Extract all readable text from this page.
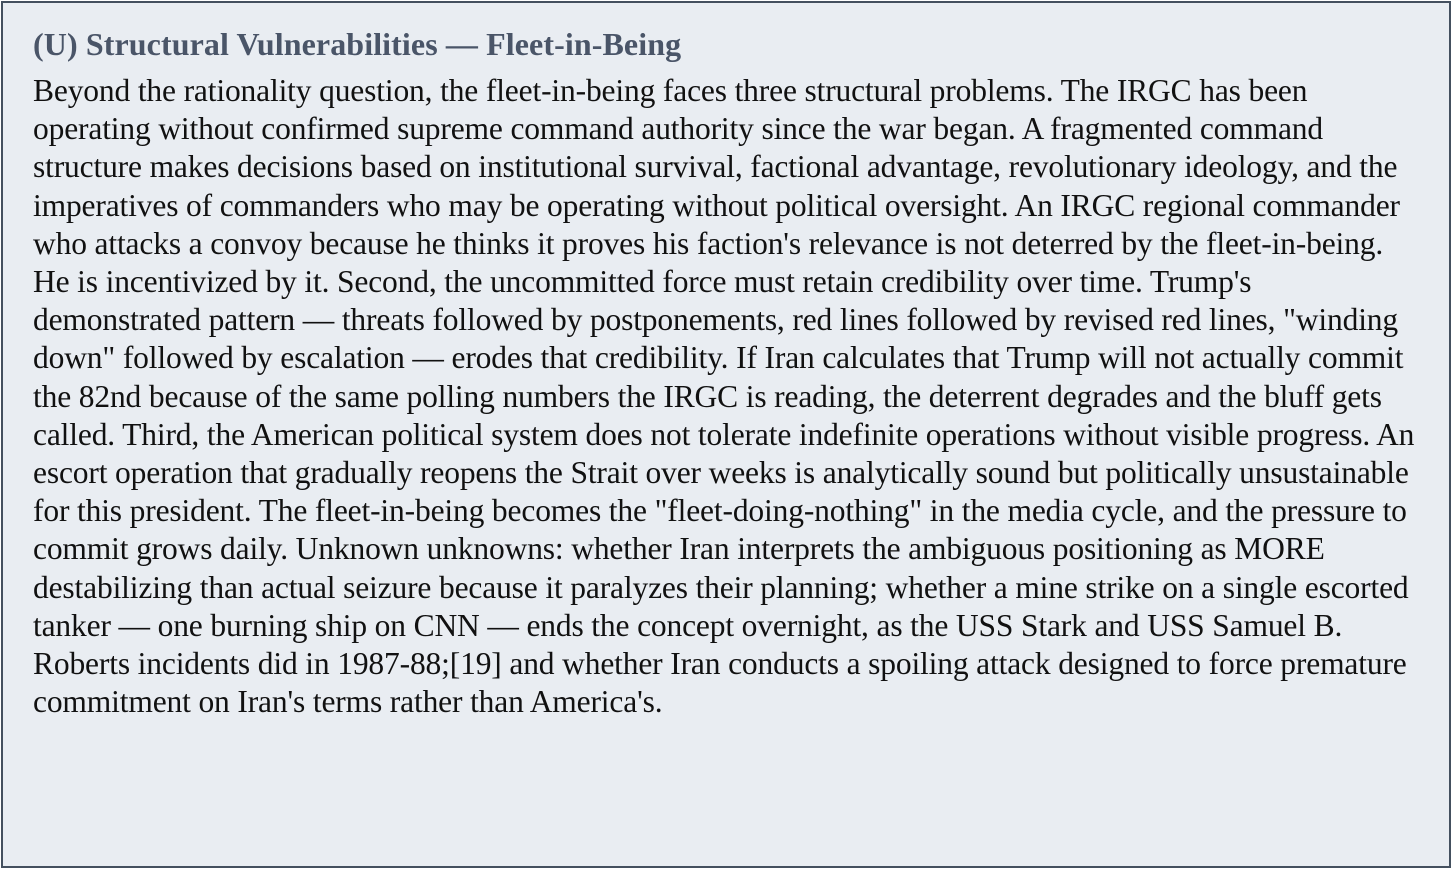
(U) Structural Vulnerabilities — Fleet-in-Being

Beyond the rationality question, the fleet-in-being faces three structural problems. The IRGC has been operating without confirmed supreme command authority since the war began. A fragmented command structure makes decisions based on institutional survival, factional advantage, revolutionary ideology, and the imperatives of commanders who may be operating without political oversight. An IRGC regional commander who attacks a convoy because he thinks it proves his faction's relevance is not deterred by the fleet-in-being. He is incentivized by it. Second, the uncommitted force must retain credibility over time. Trump's demonstrated pattern — threats followed by postponements, red lines followed by revised red lines, "winding down" followed by escalation — erodes that credibility. If Iran calculates that Trump will not actually commit the 82nd because of the same polling numbers the IRGC is reading, the deterrent degrades and the bluff gets called. Third, the American political system does not tolerate indefinite operations without visible progress. An escort operation that gradually reopens the Strait over weeks is analytically sound but politically unsustainable for this president. The fleet-in-being becomes the "fleet-doing-nothing" in the media cycle, and the pressure to commit grows daily. Unknown unknowns: whether Iran interprets the ambiguous positioning as MORE destabilizing than actual seizure because it paralyzes their planning; whether a mine strike on a single escorted tanker — one burning ship on CNN — ends the concept overnight, as the USS Stark and USS Samuel B. Roberts incidents did in 1987-88;[19] and whether Iran conducts a spoiling attack designed to force premature commitment on Iran's terms rather than America's.
